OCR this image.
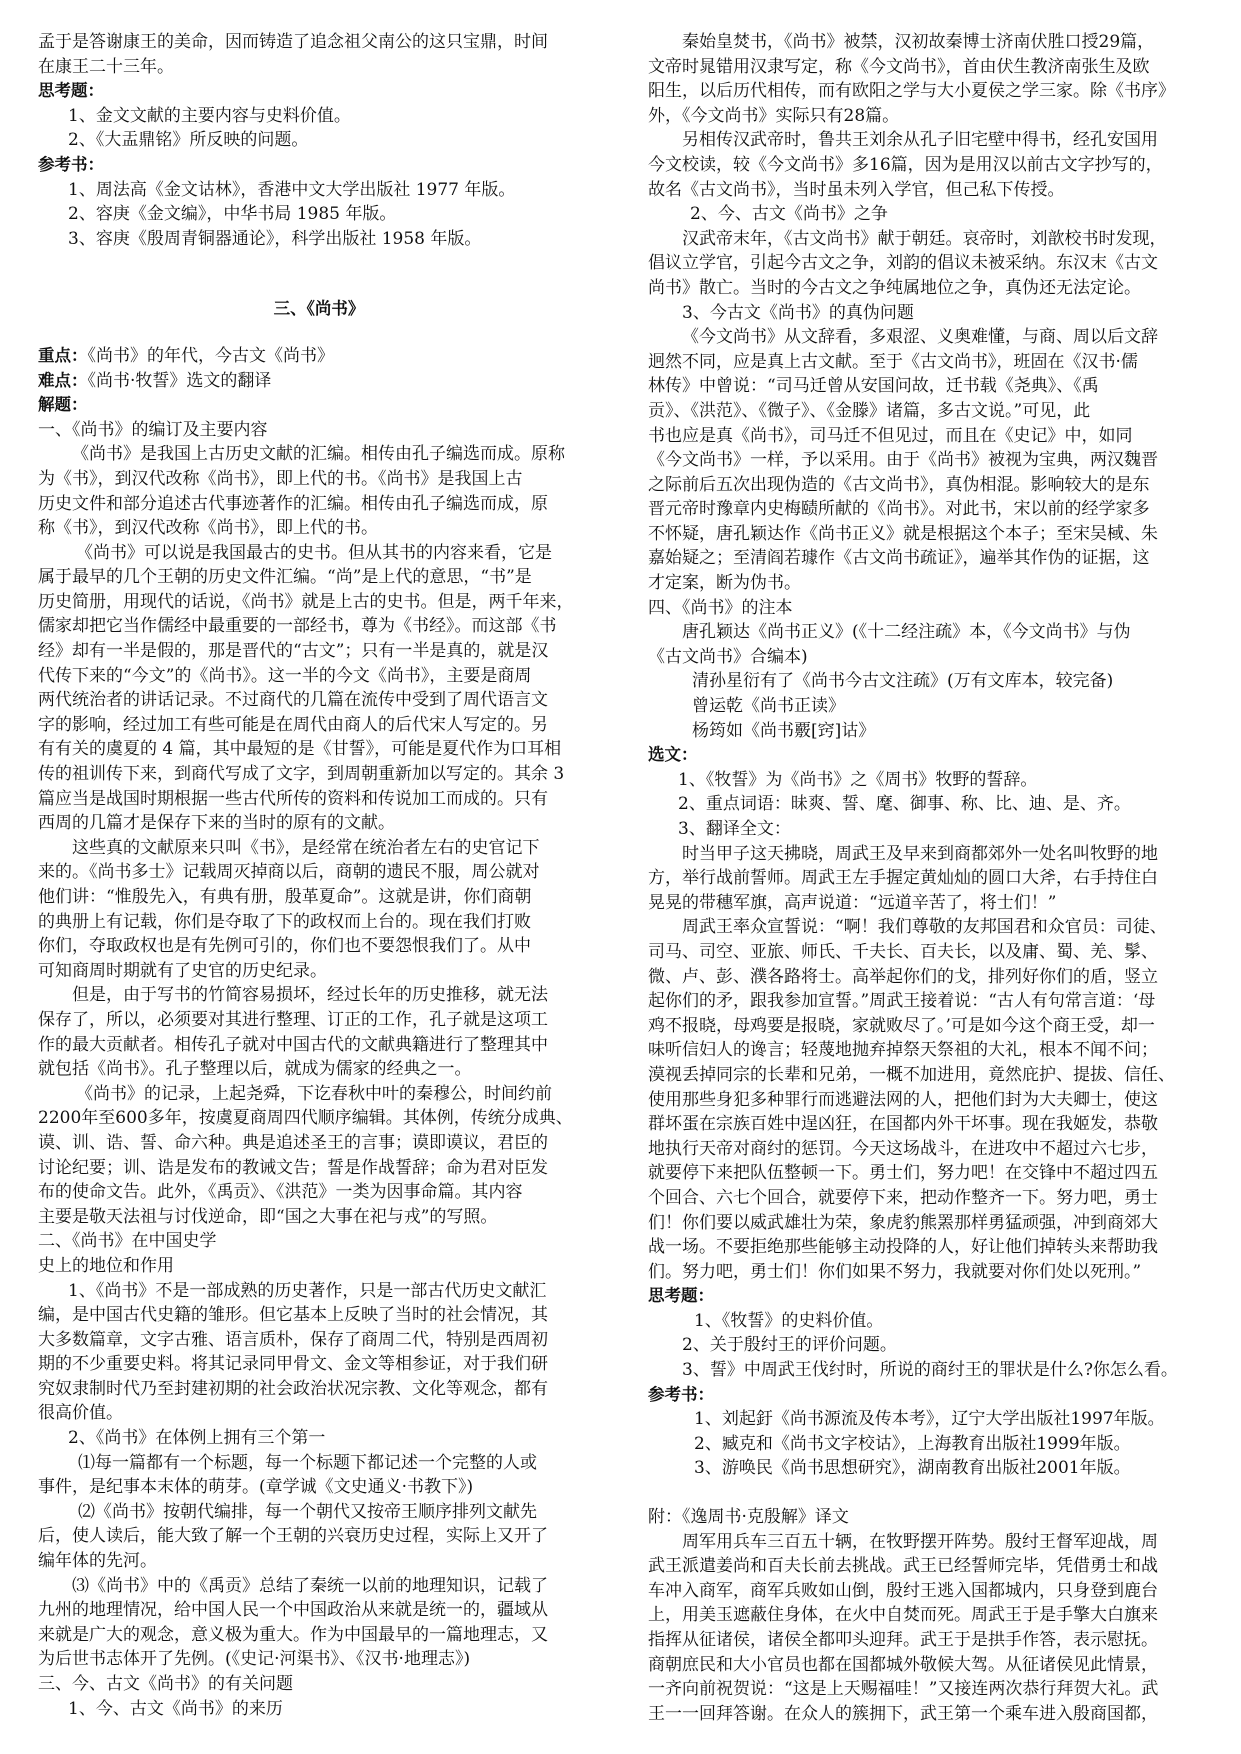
孟于是答谢康王的美命，因而铸造了追念祖父南公的这只宝鼎，时间
在康王二十三年。
思考题：
1、金文文献的主要内容与史料价值。
2、《大盂鼎铭》所反映的问题。
参考书：
1、周法高《金文诂林》，香港中文大学出版社 1977 年版。
2、容庚《金文编》，中华书局 1985 年版。
3、容庚《殷周青铜器通论》，科学出版社 1958 年版。
三、《尚书》
重点：《尚书》的年代，今古文《尚书》
难点：《尚书·牧誓》选文的翻译
解题：
一、《尚书》的编订及主要内容
《尚书》是我国上古历史文献的汇编。相传由孔子编选而成。原称
为《书》，到汉代改称《尚书》，即上代的书。《尚书》是我国上古
历史文件和部分追述古代事迹著作的汇编。相传由孔子编选而成，原
称《书》，到汉代改称《尚书》，即上代的书。
《尚书》可以说是我国最古的史书。但从其书的内容来看，它是
属于最早的几个王朝的历史文件汇编。“尚”是上代的意思，“书”是
历史简册，用现代的话说，《尚书》就是上古的史书。但是，两千年来，
儒家却把它当作儒经中最重要的一部经书，尊为《书经》。而这部《书
经》却有一半是假的，那是晋代的“古文”；只有一半是真的，就是汉
代传下来的“今文”的《尚书》。这一半的今文《尚书》，主要是商周
两代统治者的讲话记录。不过商代的几篇在流传中受到了周代语言文
字的影响，经过加工有些可能是在周代由商人的后代宋人写定的。另
有有关的虞夏的 4 篇，其中最短的是《甘誓》，可能是夏代作为口耳相
传的祖训传下来，到商代写成了文字，到周朝重新加以写定的。其余 3
篇应当是战国时期根据一些古代所传的资料和传说加工而成的。只有
西周的几篇才是保存下来的当时的原有的文献。
这些真的文献原来只叫《书》，是经常在统治者左右的史官记下
来的。《尚书多士》记载周灭掉商以后，商朝的遗民不服，周公就对
他们讲：“惟殷先入，有典有册，殷革夏命”。这就是讲，你们商朝
的典册上有记载，你们是夺取了下的政权而上台的。现在我们打败
你们，夺取政权也是有先例可引的，你们也不要怨恨我们了。从中
可知商周时期就有了史官的历史纪录。
但是，由于写书的竹简容易损坏，经过长年的历史推移，就无法
保存了，所以，必须要对其进行整理、订正的工作，孔子就是这项工
作的最大贡献者。相传孔子就对中国古代的文献典籍进行了整理其中
就包括《尚书》。孔子整理以后，就成为儒家的经典之一。
《尚书》的记录，上起尧舜，下讫春秋中叶的秦穆公，时间约前
2200年至600多年，按虞夏商周四代顺序编辑。其体例，传统分成典、
谟、训、诰、誓、命六种。典是追述圣王的言事；谟即谟议，君臣的
讨论纪要；训、诰是发布的教诫文告；誓是作战誓辞；命为君对臣发
布的使命文告。此外，《禹贡》、《洪范》一类为因事命篇。其内容
主要是敬天法祖与讨伐逆命，即“国之大事在祀与戎”的写照。
二、《尚书》在中国史学
史上的地位和作用
1、《尚书》不是一部成熟的历史著作，只是一部古代历史文献汇
编，是中国古代史籍的雏形。但它基本上反映了当时的社会情况，其
大多数篇章，文字古雅、语言质朴，保存了商周二代，特别是西周初
期的不少重要史料。将其记录同甲骨文、金文等相参证，对于我们研
究奴隶制时代乃至封建初期的社会政治状况宗教、文化等观念，都有
很高价值。
2、《尚书》在体例上拥有三个第一
⑴每一篇都有一个标题，每一个标题下都记述一个完整的人或
事件，是纪事本末体的萌芽。(章学诚《文史通义·书教下》)
⑵《尚书》按朝代编排，每一个朝代又按帝王顺序排列文献先
后，使人读后，能大致了解一个王朝的兴衰历史过程，实际上又开了
编年体的先河。
⑶《尚书》中的《禹贡》总结了秦统一以前的地理知识，记载了
九州的地理情况，给中国人民一个中国政治从来就是统一的，疆域从
来就是广大的观念，意义极为重大。作为中国最早的一篇地理志，又
为后世书志体开了先例。(《史记·河渠书》、《汉书·地理志》)
三、今、古文《尚书》的有关问题
1、今、古文《尚书》的来历
秦始皇焚书，《尚书》被禁，汉初故秦博士济南伏胜口授29篇，
文帝时晁错用汉隶写定，称《今文尚书》，首由伏生教济南张生及欧
阳生，以后历代相传，而有欧阳之学与大小夏侯之学三家。除《书序》
外，《今文尚书》实际只有28篇。
另相传汉武帝时，鲁共王刘余从孔子旧宅壁中得书，经孔安国用
今文校读，较《今文尚书》多16篇，因为是用汉以前古文字抄写的，
故名《古文尚书》，当时虽未列入学官，但己私下传授。
2、今、古文《尚书》之争
汉武帝末年，《古文尚书》献于朝廷。哀帝时，刘歆校书时发现，
倡议立学官，引起今古文之争，刘韵的倡议未被采纳。东汉末《古文
尚书》散亡。当时的今古文之争纯属地位之争，真伪还无法定论。
3、今古文《尚书》的真伪问题
《今文尚书》从文辞看，多艰涩、义奥难懂，与商、周以后文辞
迥然不同，应是真上古文献。至于《古文尚书》，班固在《汉书·儒
林传》中曾说：“司马迁曾从安国问故，迁书载《尧典》、《禹
贡》、《洪范》、《微子》、《金滕》诸篇，多古文说。”可见，此
书也应是真《尚书》，司马迁不但见过，而且在《史记》中，如同
《今文尚书》一样，予以采用。由于《尚书》被视为宝典，两汉魏晋
之际前后五次出现伪造的《古文尚书》，真伪相混。影响较大的是东
晋元帝时豫章内史梅赜所献的《尚书》。对此书，宋以前的经学家多
不怀疑，唐孔颖达作《尚书正义》就是根据这个本子；至宋吴棫、朱
嘉始疑之；至清阎若璩作《古文尚书疏证》，遍举其作伪的证据，这
才定案，断为伪书。
四、《尚书》的注本
唐孔颖达《尚书正义》(《十二经注疏》本，《今文尚书》与伪
《古文尚书》合编本)
清孙星衍有了《尚书今古文注疏》(万有文库本，较完备)
曾运乾《尚书正读》
杨筠如《尚书覈[窍]诂》
选文：
1、《牧誓》为《尚书》之《周书》牧野的誓辞。
2、重点词语：昧爽、誓、麾、御事、称、比、迪、是、齐。
3、翻译全文：
时当甲子这天拂晓，周武王及早来到商都郊外一处名叫牧野的地
方，举行战前誓师。周武王左手握定黄灿灿的圆口大斧，右手持住白
晃晃的带穗军旗，高声说道：“远道辛苦了，将士们！”
周武王率众宣誓说：“啊！我们尊敬的友邦国君和众官员：司徒、
司马、司空、亚旅、师氏、千夫长、百夫长，以及庸、蜀、羌、髳、
微、卢、彭、濮各路将士。高举起你们的戈，排列好你们的盾，竖立
起你们的矛，跟我参加宣誓。”周武王接着说：“古人有句常言道：‘母
鸡不报晓，母鸡要是报晓，家就败尽了。’可是如今这个商王受，却一
味听信妇人的谗言；轻蔑地抛弃掉祭天祭祖的大礼，根本不闻不问；
漠视丢掉同宗的长辈和兄弟，一概不加进用，竟然庇护、提拔、信任、
使用那些身犯多种罪行而逃避法网的人，把他们封为大夫卿士，使这
群坏蛋在宗族百姓中逞凶狂，在国都内外干坏事。现在我姬发，恭敬
地执行天帝对商纣的惩罚。今天这场战斗，在进攻中不超过六七步，
就要停下来把队伍整顿一下。勇士们，努力吧！在交锋中不超过四五
个回合、六七个回合，就要停下来，把动作整齐一下。努力吧，勇士
们！你们要以威武雄壮为荣，象虎豹熊罴那样勇猛顽强，冲到商郊大
战一场。不要拒绝那些能够主动投降的人，好让他们掉转头来帮助我
们。努力吧，勇士们！你们如果不努力，我就要对你们处以死刑。”
思考题：
1、《牧誓》的史料价值。
2、关于殷纣王的评价问题。
3、誓》中周武王伐纣时，所说的商纣王的罪状是什么?你怎么看。
参考书：
1、刘起釪《尚书源流及传本考》，辽宁大学出版社1997年版。
2、臧克和《尚书文字校诂》，上海教育出版社1999年版。
3、游唤民《尚书思想研究》，湖南教育出版社2001年版。
附：《逸周书·克殷解》译文
周军用兵车三百五十辆，在牧野摆开阵势。殷纣王督军迎战，周
武王派遣姜尚和百夫长前去挑战。武王已经誓师完毕，凭借勇士和战
车冲入商军，商军兵败如山倒，殷纣王逃入国都城内，只身登到鹿台
上，用美玉遮蔽住身体，在火中自焚而死。周武王于是手擎大白旗来
指挥从征诸侯，诸侯全都叩头迎拜。武王于是拱手作答，表示慰抚。
商朝庶民和大小官员也都在国都城外敬候大驾。从征诸侯见此情景，
一齐向前祝贺说：“这是上天赐福哇！”又接连两次恭行拜贺大礼。武
王一一回拜答谢。在众人的簇拥下，武王第一个乘车进入殷商国都，
